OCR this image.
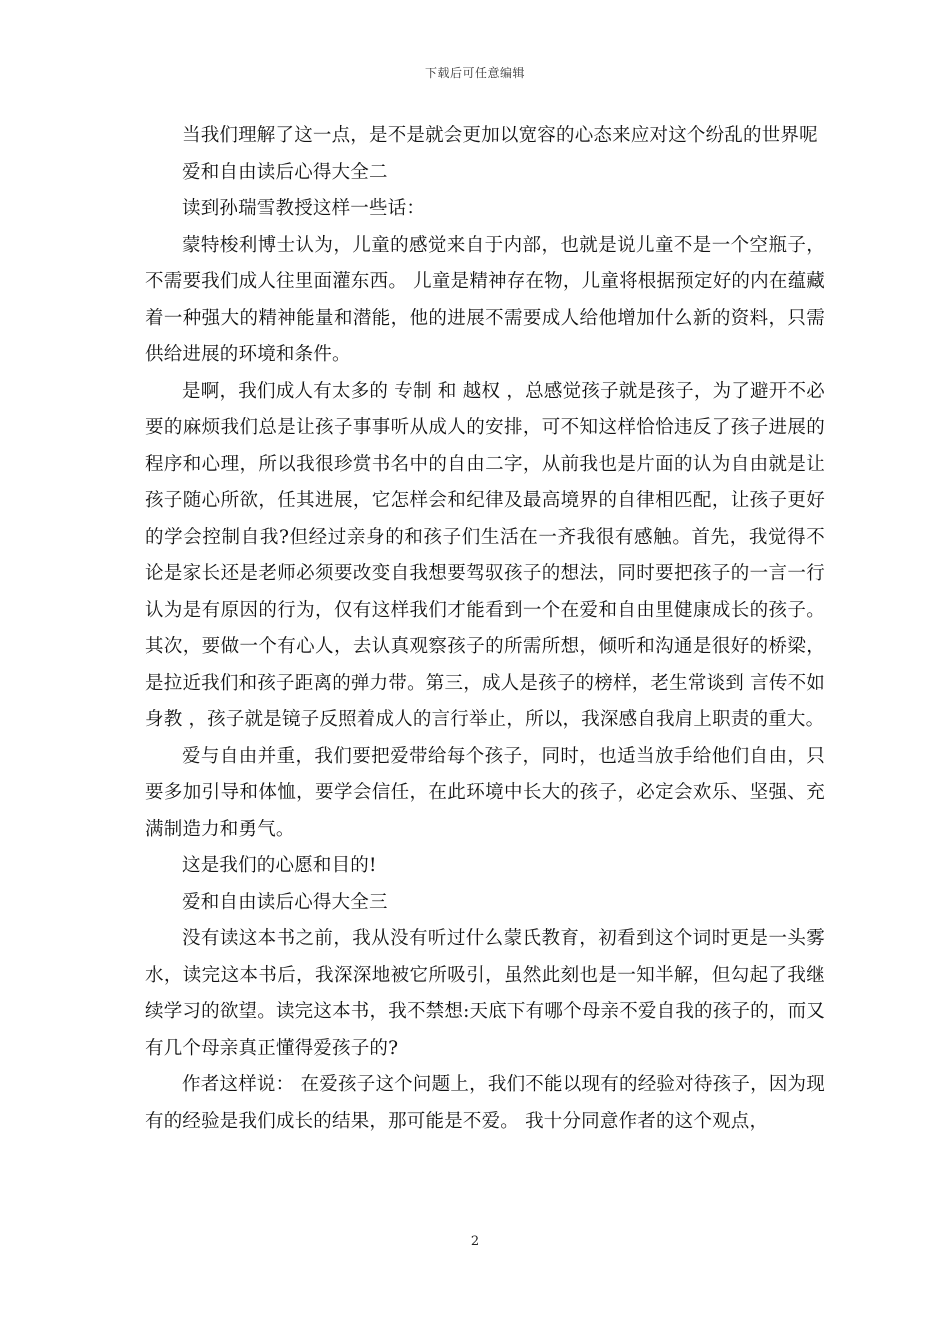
下载后可任意编辑

当我们理解了这一点，是不是就会更加以宽容的心态来应对这个纷乱的世界呢

爱和自由读后心得大全二

读到孙瑞雪教授这样一些话：

蒙特梭利博士认为，儿童的感觉来自于内部，也就是说儿童不是一个空瓶子，不需要我们成人往里面灌东西。 儿童是精神存在物，儿童将根据预定好的内在蕴藏着一种强大的精神能量和潜能，他的进展不需要成人给他增加什么新的资料，只需供给进展的环境和条件。

是啊，我们成人有太多的 专制 和 越权 ，总感觉孩子就是孩子，为了避开不必要的麻烦我们总是让孩子事事听从成人的安排，可不知这样恰恰违反了孩子进展的程序和心理，所以我很珍赏书名中的自由二字，从前我也是片面的认为自由就是让孩子随心所欲，任其进展，它怎样会和纪律及最高境界的自律相匹配，让孩子更好的学会控制自我?但经过亲身的和孩子们生活在一齐我很有感触。首先，我觉得不论是家长还是老师必须要改变自我想要驾驭孩子的想法，同时要把孩子的一言一行认为是有原因的行为，仅有这样我们才能看到一个在爱和自由里健康成长的孩子。其次，要做一个有心人，去认真观察孩子的所需所想，倾听和沟通是很好的桥梁，是拉近我们和孩子距离的弹力带。第三，成人是孩子的榜样，老生常谈到 言传不如身教 ，孩子就是镜子反照着成人的言行举止，所以，我深感自我肩上职责的重大。

爱与自由并重，我们要把爱带给每个孩子，同时，也适当放手给他们自由，只要多加引导和体恤，要学会信任，在此环境中长大的孩子，必定会欢乐、坚强、充满制造力和勇气。

这是我们的心愿和目的!

爱和自由读后心得大全三

没有读这本书之前，我从没有听过什么蒙氏教育，初看到这个词时更是一头雾水，读完这本书后，我深深地被它所吸引，虽然此刻也是一知半解，但勾起了我继续学习的欲望。读完这本书，我不禁想:天底下有哪个母亲不爱自我的孩子的，而又有几个母亲真正懂得爱孩子的?

作者这样说： 在爱孩子这个问题上，我们不能以现有的经验对待孩子，因为现有的经验是我们成长的结果，那可能是不爱。 我十分同意作者的这个观点，

2
